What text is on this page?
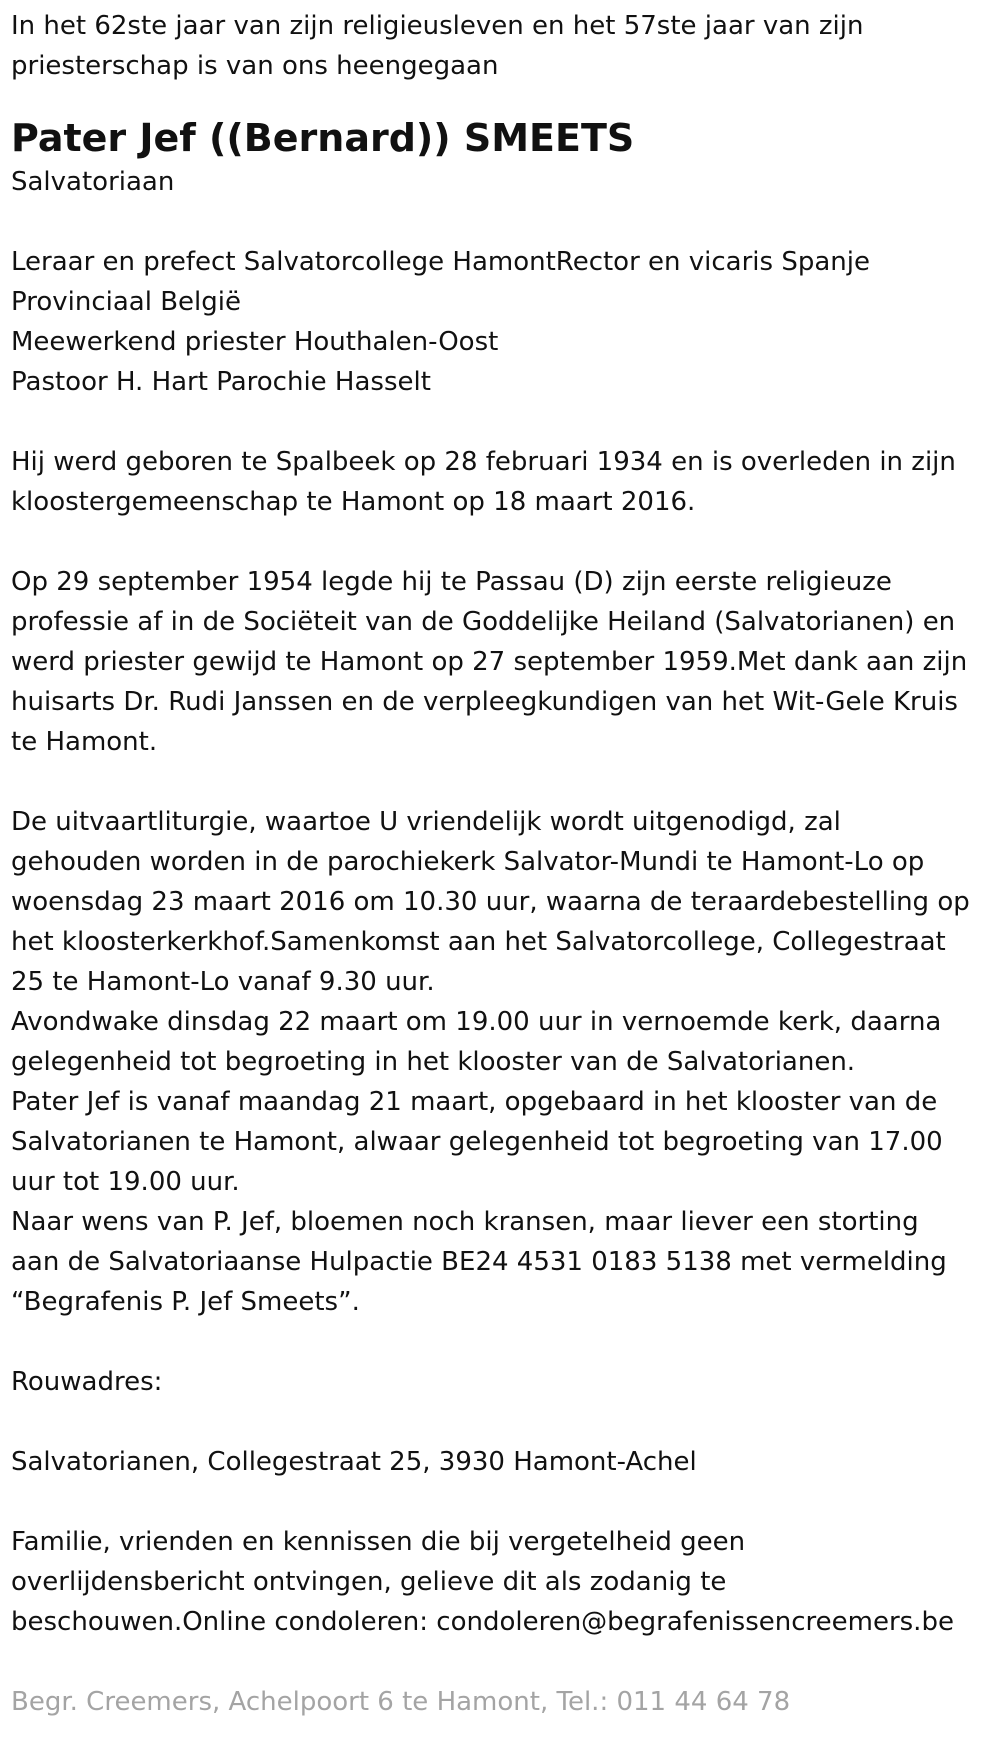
In het 62ste jaar van zijn religieusleven en het 57ste jaar van zijn

priesterschap is van ons heengegaan

Pater Jef ((Bernard)) SMEETS

Salvatoriaan

Leraar en prefect Salvatorcollege HamontRector en vicaris Spanje

Provinciaal België

Meewerkend priester Houthalen-Oost

Pastoor H. Hart Parochie Hasselt

Hij werd geboren te Spalbeek op 28 februari 1934 en is overleden in zijn

kloostergemeenschap te Hamont op 18 maart 2016.

Op 29 september 1954 legde hij te Passau (D) zijn eerste religieuze

professie af in de Sociëteit van de Goddelijke Heiland (Salvatorianen) en

werd priester gewijd te Hamont op 27 september 1959.Met dank aan zijn

huisarts Dr. Rudi Janssen en de verpleegkundigen van het Wit-Gele Kruis

te Hamont.

De uitvaartliturgie, waartoe U vriendelijk wordt uitgenodigd, zal

gehouden worden in de parochiekerk Salvator-Mundi te Hamont-Lo op

woensdag 23 maart 2016 om 10.30 uur, waarna de teraardebestelling op

het kloosterkerkhof.Samenkomst aan het Salvatorcollege, Collegestraat

25 te Hamont-Lo vanaf 9.30 uur.

Avondwake dinsdag 22 maart om 19.00 uur in vernoemde kerk, daarna

gelegenheid tot begroeting in het klooster van de Salvatorianen.

Pater Jef is vanaf maandag 21 maart, opgebaard in het klooster van de

Salvatorianen te Hamont, alwaar gelegenheid tot begroeting van 17.00

uur tot 19.00 uur.

Naar wens van P. Jef, bloemen noch kransen, maar liever een storting

aan de Salvatoriaanse Hulpactie BE24 4531 0183 5138 met vermelding

“Begrafenis P. Jef Smeets”.

Rouwadres:

Salvatorianen, Collegestraat 25, 3930 Hamont-Achel

Familie, vrienden en kennissen die bij vergetelheid geen

overlijdensbericht ontvingen, gelieve dit als zodanig te

beschouwen.Online condoleren: condoleren@begrafenissencreemers.be

Begr. Creemers, Achelpoort 6 te Hamont, Tel.: 011 44 64 78
